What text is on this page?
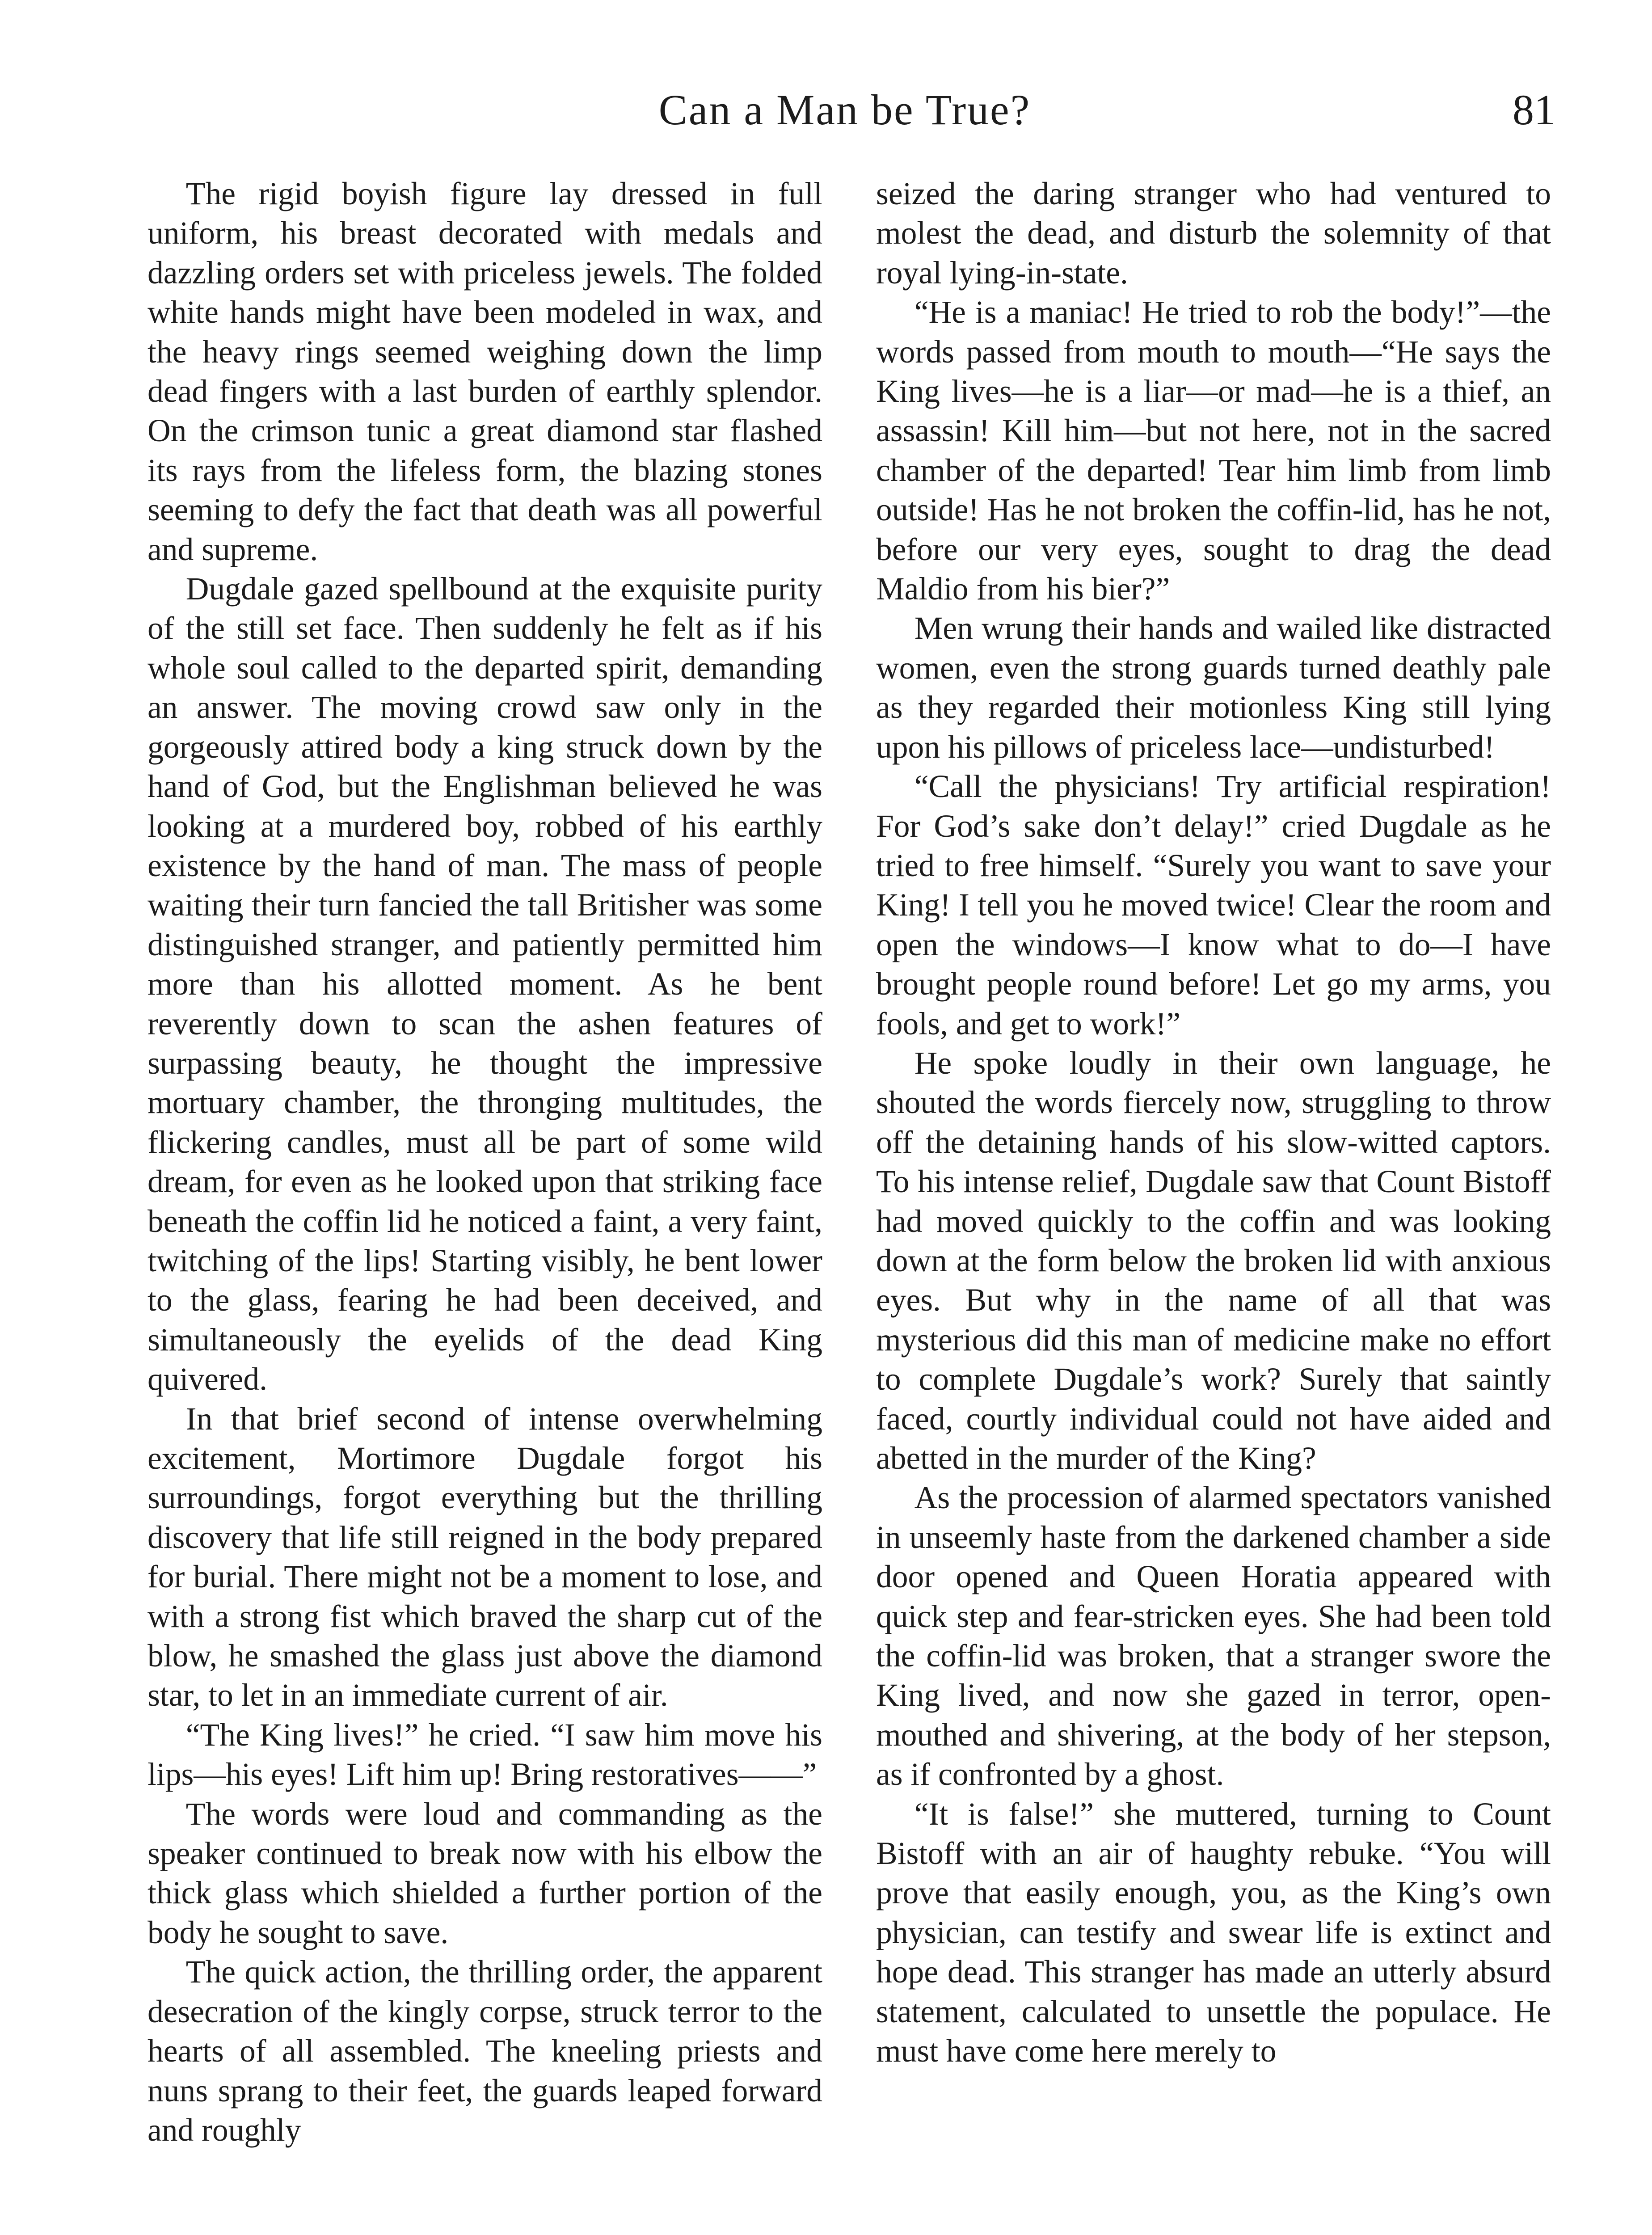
Can a Man be True?	81

The rigid boyish figure lay dressed in full uniform, his breast decorated with medals and dazzling orders set with priceless jewels. The folded white hands might have been modeled in wax, and the heavy rings seemed weighing down the limp dead fingers with a last burden of earthly splendor. On the crimson tunic a great diamond star flashed its rays from the lifeless form, the blazing stones seeming to defy the fact that death was all powerful and supreme.

Dugdale gazed spellbound at the exquisite purity of the still set face. Then suddenly he felt as if his whole soul called to the departed spirit, demanding an answer. The moving crowd saw only in the gorgeously attired body a king struck down by the hand of God, but the Englishman believed he was looking at a murdered boy, robbed of his earthly existence by the hand of man. The mass of people waiting their turn fancied the tall Britisher was some distinguished stranger, and patiently permitted him more than his allotted moment. As he bent reverently down to scan the ashen features of surpassing beauty, he thought the impressive mortuary chamber, the thronging multitudes, the flickering candles, must all be part of some wild dream, for even as he looked upon that striking face beneath the coffin lid he noticed a faint, a very faint, twitching of the lips! Starting visibly, he bent lower to the glass, fearing he had been deceived, and simultaneously the eyelids of the dead King quivered.

In that brief second of intense overwhelming excitement, Mortimore Dugdale forgot his surroundings, forgot everything but the thrilling discovery that life still reigned in the body prepared for burial. There might not be a moment to lose, and with a strong fist which braved the sharp cut of the blow, he smashed the glass just above the diamond star, to let in an immediate current of air.

“The King lives!” he cried. “I saw him move his lips—his eyes! Lift him up! Bring restoratives——”

The words were loud and commanding as the speaker continued to break now with his elbow the thick glass which shielded a further portion of the body he sought to save.

The quick action, the thrilling order, the apparent desecration of the kingly corpse, struck terror to the hearts of all assembled. The kneeling priests and nuns sprang to their feet, the guards leaped forward and roughly

seized the daring stranger who had ventured to molest the dead, and disturb the solemnity of that royal lying-in-state.

“He is a maniac! He tried to rob the body!”—the words passed from mouth to mouth—“He says the King lives—he is a liar—or mad—he is a thief, an assassin! Kill him—but not here, not in the sacred chamber of the departed! Tear him limb from limb outside! Has he not broken the coffin-lid, has he not, before our very eyes, sought to drag the dead Maldio from his bier?”

Men wrung their hands and wailed like distracted women, even the strong guards turned deathly pale as they regarded their motionless King still lying upon his pillows of priceless lace—undisturbed!

“Call the physicians! Try artificial respiration! For God’s sake don’t delay!” cried Dugdale as he tried to free himself. “Surely you want to save your King! I tell you he moved twice! Clear the room and open the windows—I know what to do—I have brought people round before! Let go my arms, you fools, and get to work!”

He spoke loudly in their own language, he shouted the words fiercely now, struggling to throw off the detaining hands of his slow-witted captors. To his intense relief, Dugdale saw that Count Bistoff had moved quickly to the coffin and was looking down at the form below the broken lid with anxious eyes. But why in the name of all that was mysterious did this man of medicine make no effort to complete Dugdale’s work? Surely that saintly faced, courtly individual could not have aided and abetted in the murder of the King?

As the procession of alarmed spectators vanished in unseemly haste from the darkened chamber a side door opened and Queen Horatia appeared with quick step and fear-stricken eyes. She had been told the coffin-lid was broken, that a stranger swore the King lived, and now she gazed in terror, open-mouthed and shivering, at the body of her stepson, as if confronted by a ghost.

“It is false!” she muttered, turning to Count Bistoff with an air of haughty rebuke. “You will prove that easily enough, you, as the King’s own physician, can testify and swear life is extinct and hope dead. This stranger has made an utterly absurd statement, calculated to unsettle the populace. He must have come here merely to
